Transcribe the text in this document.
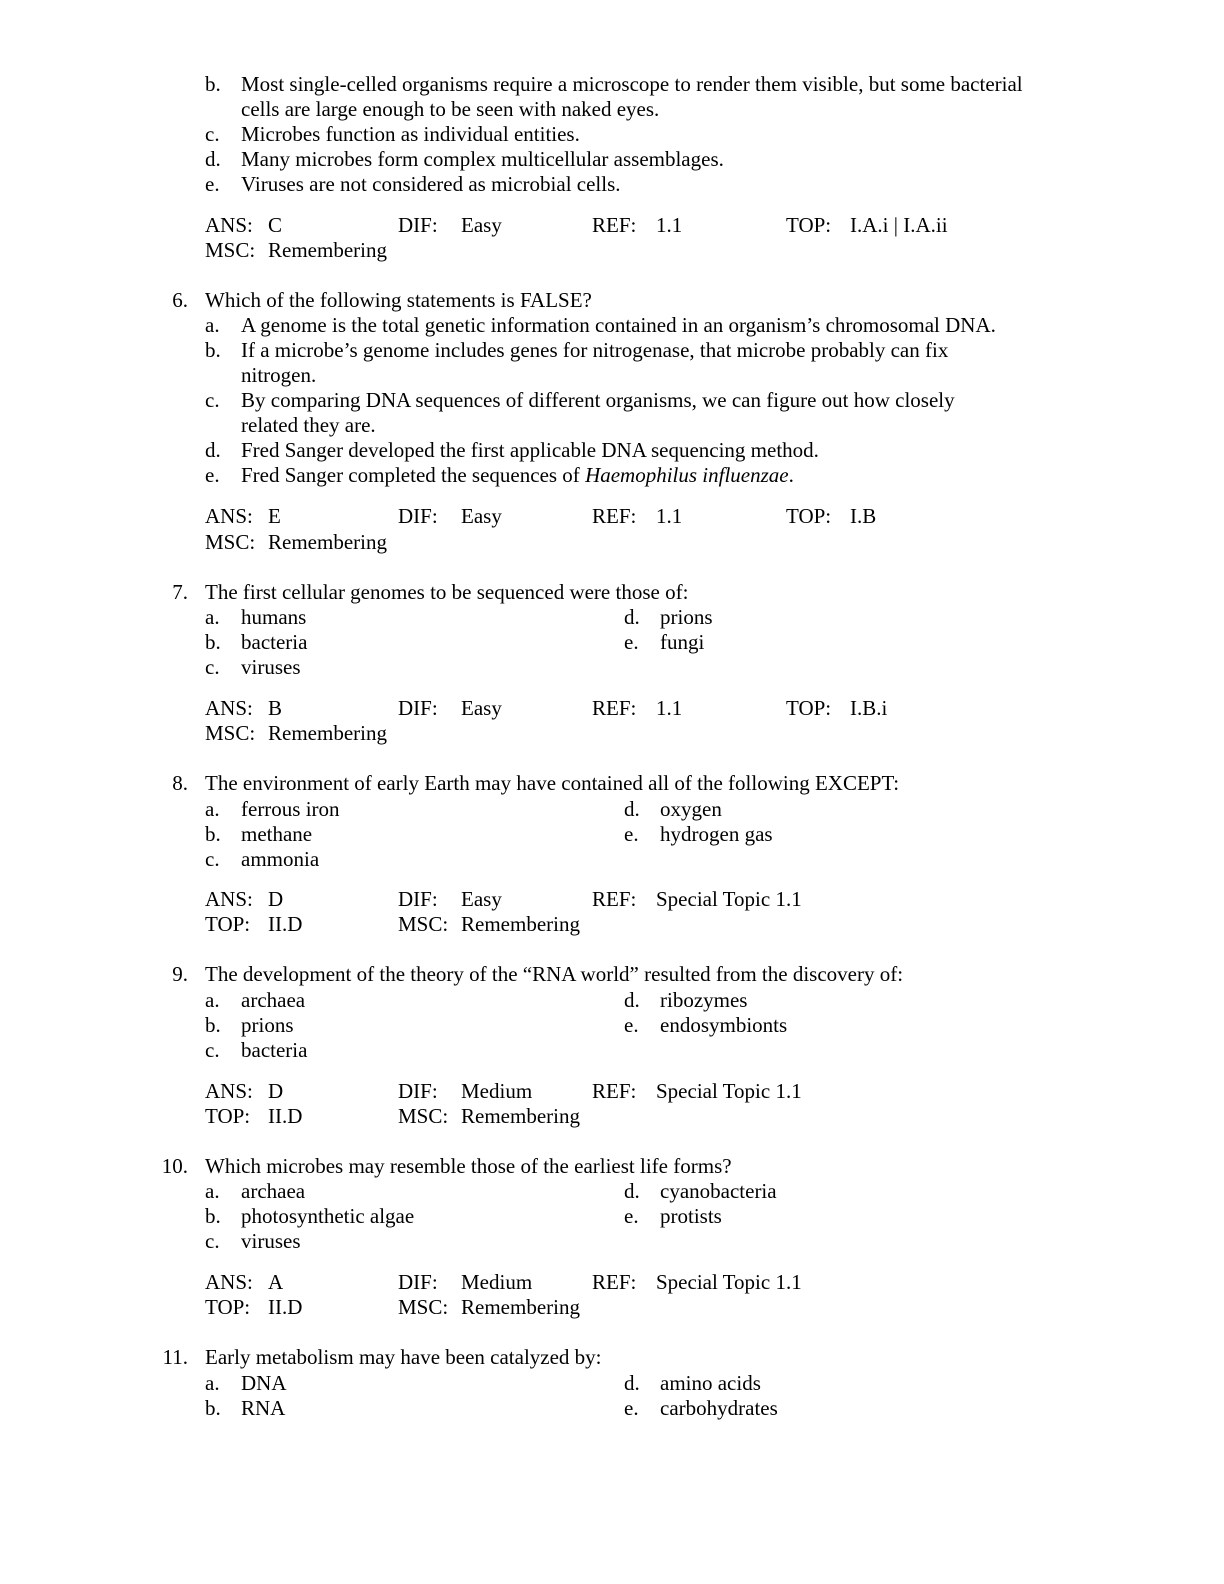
b. Most single-celled organisms require a microscope to render them visible, but some bacterial cells are large enough to be seen with naked eyes.
c.	Microbes function as individual entities.
d. Many microbes form complex multicellular assemblages.
e.	Viruses are not considered as microbial cells.
ANS: C	DIF: Easy	REF: 1.1	TOP: I.A.i | I.A.ii
MSC: Remembering
6. Which of the following statements is FALSE?
a.	A genome is the total genetic information contained in an organism’s chromosomal DNA.
b. If a microbe’s genome includes genes for nitrogenase, that microbe probably can fix nitrogen.
c.	By comparing DNA sequences of different organisms, we can figure out how closely related they are.
d. Fred Sanger developed the first applicable DNA sequencing method.
e.	Fred Sanger completed the sequences of Haemophilus influenzae.
ANS: E	DIF: Easy	REF: 1.1	TOP: I.B
MSC: Remembering
7. The first cellular genomes to be sequenced were those of:
a.	humans
b. bacteria
c.	viruses
d. prions
e.	fungi
ANS: B	DIF: Easy	REF: 1.1	TOP: I.B.i
MSC: Remembering
8. The environment of early Earth may have contained all of the following EXCEPT:
a.	ferrous iron
b. methane
c.	ammonia
d. oxygen
e.	hydrogen gas
ANS: D	DIF: Easy	REF: Special Topic 1.1
TOP: II.D	MSC: Remembering
9. The development of the theory of the “RNA world” resulted from the discovery of:
a.	archaea
b. prions
c.	bacteria
d. ribozymes
e.	endosymbionts
ANS: D	DIF: Medium	REF: Special Topic 1.1
TOP: II.D	MSC: Remembering
10. Which microbes may resemble those of the earliest life forms?
a.	archaea
b. photosynthetic algae
c.	viruses
d. cyanobacteria
e.	protists
ANS: A	DIF: Medium	REF: Special Topic 1.1
TOP: II.D	MSC: Remembering
11. Early metabolism may have been catalyzed by:
a.	DNA
b. RNA
d. amino acids
e.	carbohydrates
